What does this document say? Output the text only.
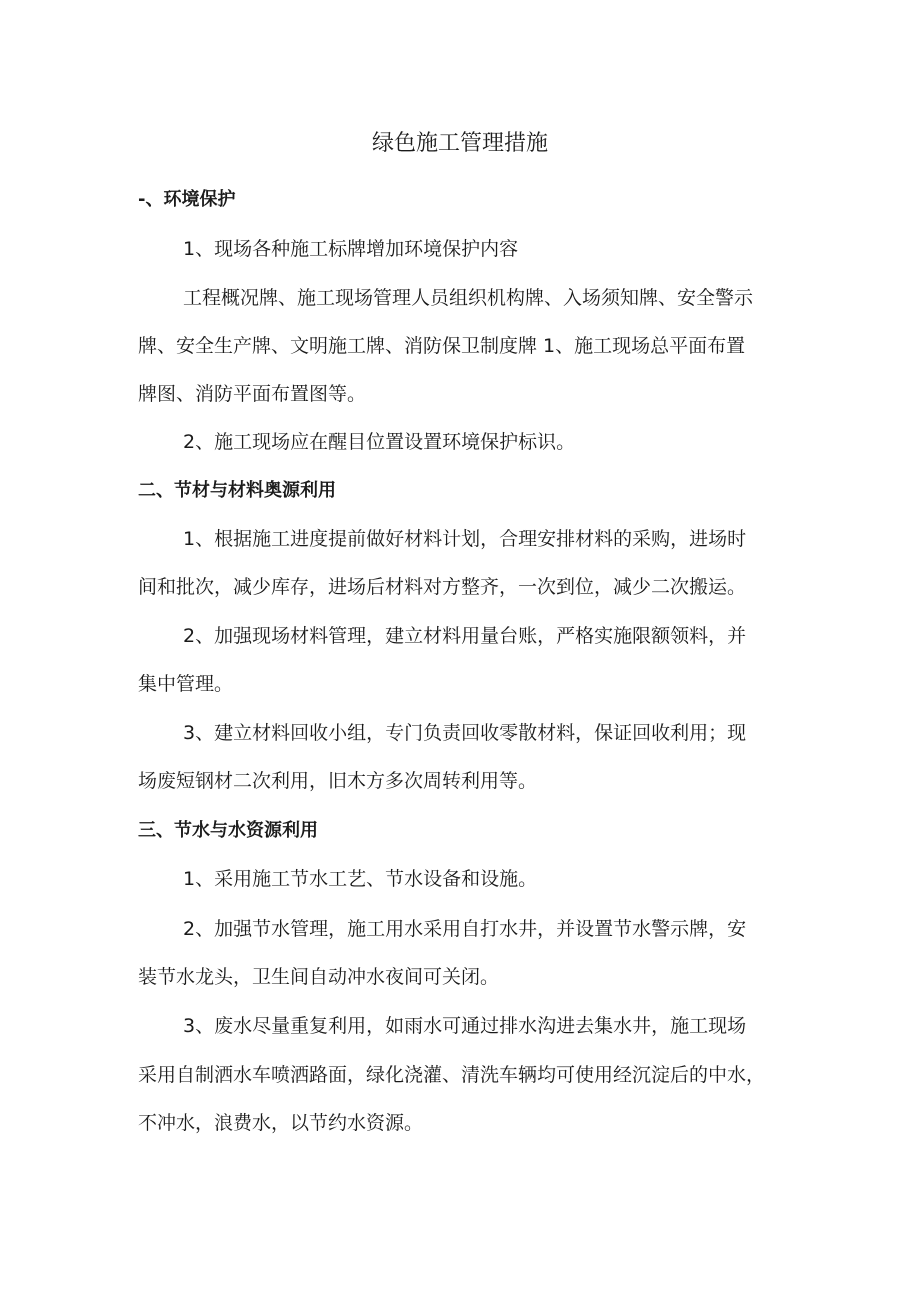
绿色施工管理措施

-、环境保护

1、现场各种施工标牌增加环境保护内容

工程概况牌、施工现场管理人员组织机构牌、入场须知牌、安全警示

牌、安全生产牌、文明施工牌、消防保卫制度牌 1、施工现场总平面布置

牌图、消防平面布置图等。

2、施工现场应在醒目位置设置环境保护标识。

二、节材与材料奥源利用

1、根据施工进度提前做好材料计划，合理安排材料的采购，进场时

间和批次，减少库存，进场后材料对方整齐，一次到位，减少二次搬运。

2、加强现场材料管理，建立材料用量台账，严格实施限额领料，并

集中管理。

3、建立材料回收小组，专门负责回收零散材料，保证回收利用；现

场废短钢材二次利用，旧木方多次周转利用等。

三、节水与水资源利用

1、采用施工节水工艺、节水设备和设施。

2、加强节水管理，施工用水采用自打水井，并设置节水警示牌，安

装节水龙头，卫生间自动冲水夜间可关闭。

3、废水尽量重复利用，如雨水可通过排水沟进去集水井，施工现场

采用自制洒水车喷洒路面，绿化浇灌、清洗车辆均可使用经沉淀后的中水，

不冲水，浪费水，以节约水资源。
